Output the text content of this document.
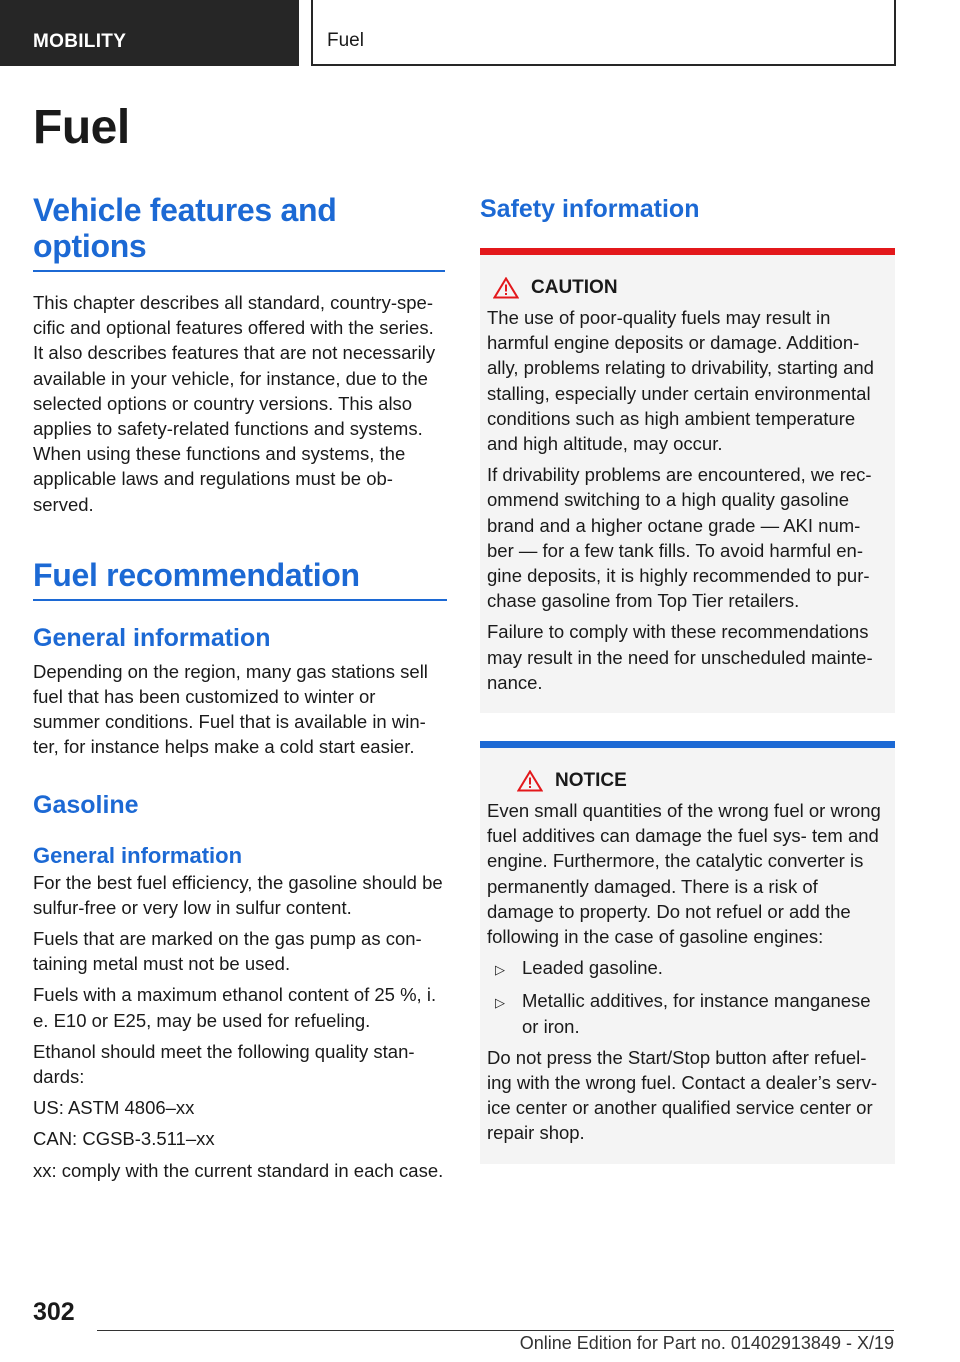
MOBILITY	Fuel
Fuel
Vehicle features and options

This chapter describes all standard, country-spe- cific and optional features offered with the series. It also describes features that are not necessarily available in your vehicle, for instance, due to the selected options or country versions. This also applies to safety-related functions and systems. When using these functions and systems, the applicable laws and regulations must be ob- served.

Fuel recommendation
General information

Depending on the region, many gas stations sell fuel that has been customized to winter or summer conditions. Fuel that is available in win- ter, for instance helps make a cold start easier.

Gasoline
General information

For the best fuel efficiency, the gasoline should be sulfur-free or very low in sulfur content.

Fuels that are marked on the gas pump as con- taining metal must not be used.

Fuels with a maximum ethanol content of 25 %, i. e. E10 or E25, may be used for refueling.

Ethanol should meet the following quality stan- dards:

US: ASTM 4806–xx

CAN: CGSB-3.511–xx

xx: comply with the current standard in each case.

Safety information
CAUTION

The use of poor-quality fuels may result in harmful engine deposits or damage. Addition- ally, problems relating to drivability, starting and stalling, especially under certain environmental conditions such as high ambient temperature and high altitude, may occur.

If drivability problems are encountered, we rec- ommend switching to a high quality gasoline brand and a higher octane grade — AKI num- ber — for a few tank fills. To avoid harmful en- gine deposits, it is highly recommended to pur- chase gasoline from Top Tier retailers.

Failure to comply with these recommendations may result in the need for unscheduled mainte- nance.

NOTICE

Even small quantities of the wrong fuel or wrong fuel additives can damage the fuel sys- tem and engine. Furthermore, the catalytic converter is permanently damaged. There is a risk of damage to property. Do not refuel or add the following in the case of gasoline engines:

▷ Leaded gasoline.
▷ Metallic additives, for instance manganese or iron.

Do not press the Start/Stop button after refuel- ing with the wrong fuel. Contact a dealer’s serv- ice center or another qualified service center or repair shop.

302
Online Edition for Part no. 01402913849 - X/19
